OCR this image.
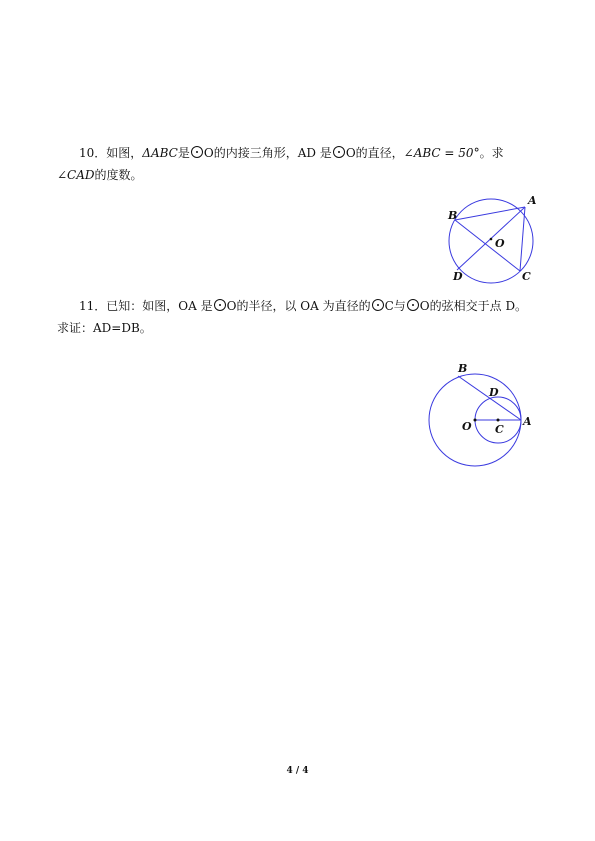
10．如图，ΔABC是 O的内接三角形，AD 是 O的直径，∠ABC = 50°。求∠CAD的度数。

A
B
O
D	C

11．已知：如图，OA 是 O的半径，以 OA 为直径的 C与 O的弦相交于点 D。求证：AD=DB。

B
D
O C
A
4 / 4
